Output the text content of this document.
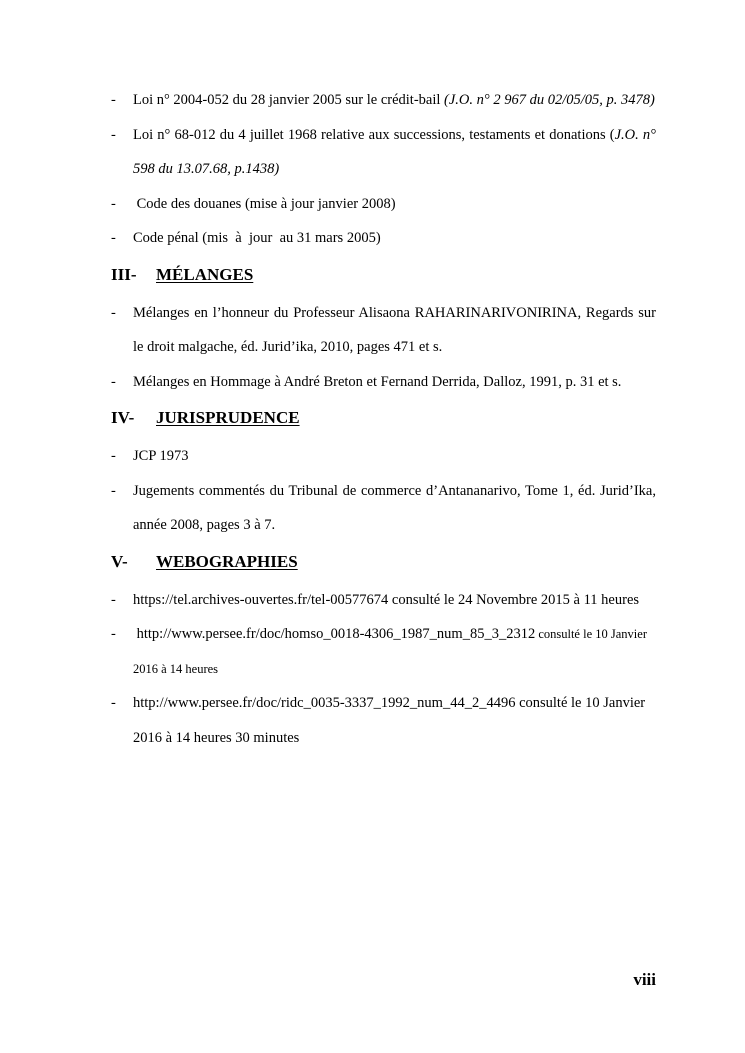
-	Loi n° 2004-052 du 28 janvier 2005 sur le crédit-bail (J.O. n° 2 967 du 02/05/05, p. 3478)
-	Loi n° 68-012 du 4 juillet 1968 relative aux successions, testaments et donations (J.O. n° 598 du 13.07.68, p.1438)
-	Code des douanes (mise à jour janvier 2008)
-	Code pénal (mis  à  jour  au 31 mars 2005)
III-	MÉLANGES
-	Mélanges en l’honneur du Professeur Alisaona RAHARINARIVONIRINA, Regards sur le droit malgache, éd. Jurid’ika, 2010, pages 471 et s.
-	Mélanges en Hommage à André Breton et Fernand Derrida, Dalloz, 1991, p. 31 et s.
IV-	JURISPRUDENCE
-	JCP 1973
-	Jugements commentés du Tribunal de commerce d’Antananarivo, Tome 1, éd. Jurid’Ika, année 2008, pages 3 à 7.
V-	WEBOGRAPHIES
-	https://tel.archives-ouvertes.fr/tel-00577674 consulté le 24 Novembre 2015 à 11 heures
-	http://www.persee.fr/doc/homso_0018-4306_1987_num_85_3_2312 consulté le 10 Janvier 2016 à 14 heures
-	http://www.persee.fr/doc/ridc_0035-3337_1992_num_44_2_4496 consulté le 10 Janvier 2016 à 14 heures 30 minutes
viii
